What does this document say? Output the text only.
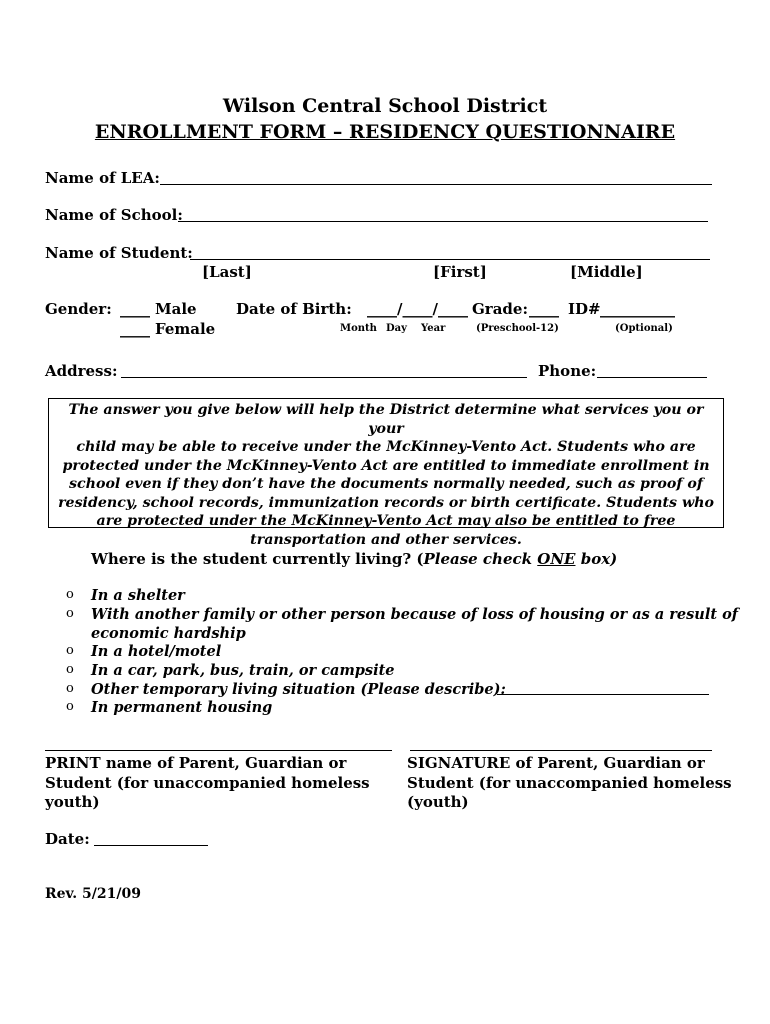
Wilson Central School District
ENROLLMENT FORM – RESIDENCY QUESTIONNAIRE
Name of LEA:
Name of School:
Name of Student:
[Last]	[First]	[Middle]
Gender: ____ Male
____ Female
Date of Birth: ____/____/____
Month Day Year
Grade: ____
(Preschool-12)
ID# __________
(Optional)
Address:	Phone:
The answer you give below will help the District determine what services you or your
child may be able to receive under the McKinney-Vento Act. Students who are
protected under the McKinney-Vento Act are entitled to immediate enrollment in
school even if they don’t have the documents normally needed, such as proof of
residency, school records, immunization records or birth certificate. Students who
are protected under the McKinney-Vento Act may also be entitled to free
transportation and other services.
Where is the student currently living? (Please check ONE box)
o In a shelter
o With another family or other person because of loss of housing or as a result of
economic hardship
o In a hotel/motel
o In a car, park, bus, train, or campsite
o Other temporary living situation (Please describe):
o In permanent housing
PRINT name of Parent, Guardian or
Student (for unaccompanied homeless
youth)
SIGNATURE of Parent, Guardian or
Student (for unaccompanied homeless
(youth)
Date:
Rev. 5/21/09
